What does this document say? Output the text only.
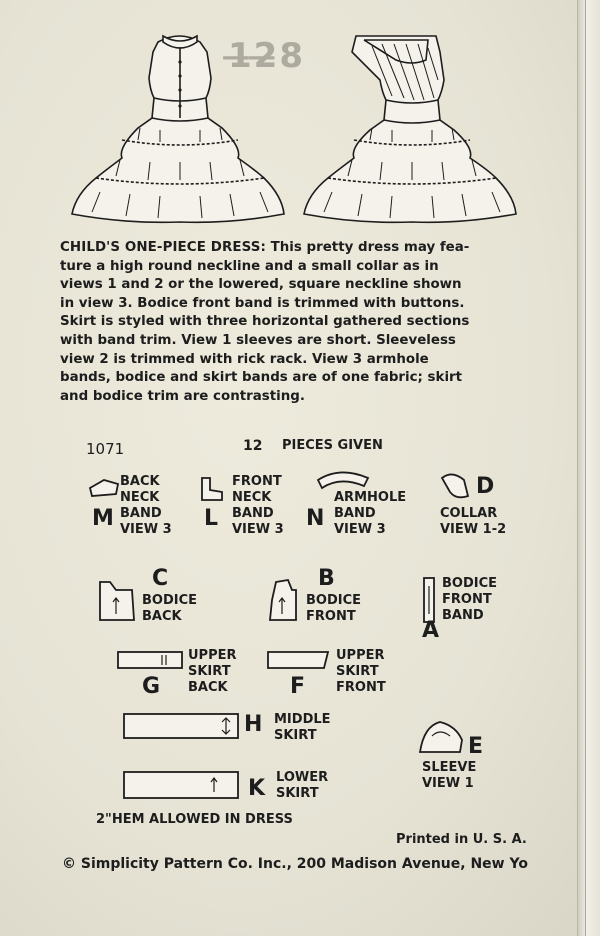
1̶2̶8
CHILD'S ONE-PIECE DRESS: This pretty dress may fea-
ture a high round neckline and a small collar as in
views 1 and 2 or the lowered, square neckline shown
in view 3. Bodice front band is trimmed with buttons.
Skirt is styled with three horizontal gathered sections
with band trim. View 1 sleeves are short. Sleeveless
view 2 is trimmed with rick rack. View 3 armhole
bands, bodice and skirt bands are of one fabric; skirt
and bodice trim are contrasting.
1071	12 PIECES GIVEN
BACK
NECK
BAND
VIEW 3
M
FRONT
NECK
BAND
VIEW 3
L
ARMHOLE
BAND
VIEW 3
N
D
COLLAR
VIEW 1-2
C
BODICE
BACK
B
BODICE
FRONT
BODICE
FRONT
BAND
A
UPPER
SKIRT
BACK
G
UPPER
SKIRT
FRONT
F
H MIDDLE
SKIRT	E
SLEEVE
VIEW 1
K LOWER
SKIRT
2"HEM ALLOWED IN DRESS
Printed in U. S. A.
© Simplicity Pattern Co. Inc., 200 Madison Avenue, New Yo
